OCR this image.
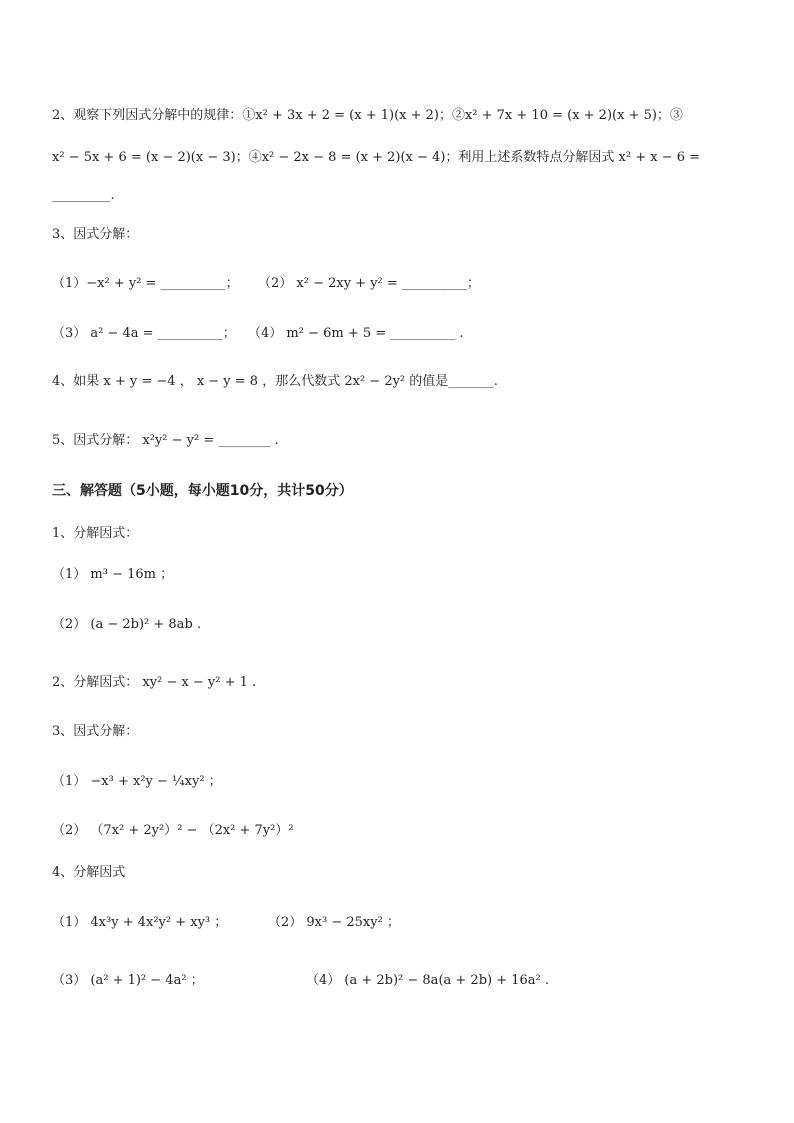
2、观察下列因式分解中的规律：①x² + 3x + 2 = (x + 1)(x + 2)；②x² + 7x + 10 = (x + 2)(x + 5)；③
x² − 5x + 6 = (x − 2)(x − 3)；④x² − 2x − 8 = (x + 2)(x − 4)；利用上述系数特点分解因式 x² + x − 6 =
_________.
3、因式分解：
（1）−x² + y² = __________； （2） x² − 2xy + y² = __________；
（3） a² − 4a = __________； （4） m² − 6m + 5 = __________ .
4、如果 x + y = −4 ， x − y = 8 ，那么代数式 2x² − 2y² 的值是_______.
5、因式分解： x²y² − y² = ________ .
三、解答题（5小题，每小题10分，共计50分）
1、分解因式：
（1） m³ − 16m ；
（2） (a − 2b)² + 8ab .
2、分解因式： xy² − x − y² + 1 .
3、因式分解：
（1） −x³ + x²y − ¼xy² ；
（2） （7x² + 2y²）² − （2x² + 7y²）²
4、分解因式
（1） 4x³y + 4x²y² + xy³ ；	（2） 9x³ − 25xy² ；
（3） (a² + 1)² − 4a² ；	（4） (a + 2b)² − 8a(a + 2b) + 16a² .
